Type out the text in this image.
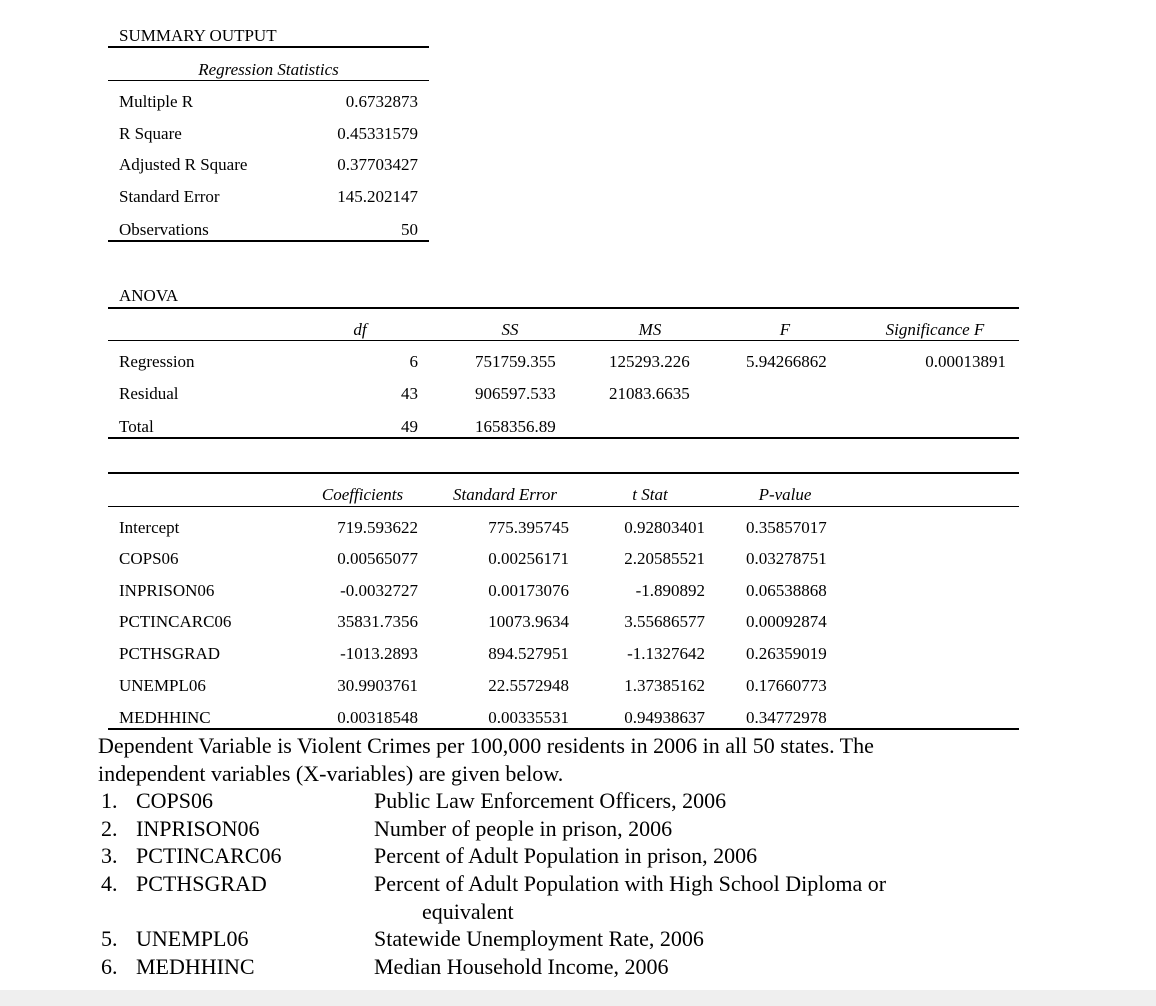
SUMMARY OUTPUT
Regression Statistics
Multiple R	0.6732873
R Square	0.45331579
Adjusted R Square	0.37703427
Standard Error	145.202147
Observations	50
ANOVA
df	SS	MS	F	Significance F
Regression	6	751759.355	125293.226	5.94266862	0.00013891
Residual	43	906597.533	21083.6635
Total	49	1658356.89
Coefficients	Standard Error	t Stat	P-value
Intercept	719.593622	775.395745	0.92803401 0.35857017
COPS06	0.00565077	0.00256171	2.20585521 0.03278751
INPRISON06	-0.0032727	0.00173076	-1.890892 0.06538868
PCTINCARC06	35831.7356	10073.9634	3.55686577 0.00092874
PCTHSGRAD	-1013.2893	894.527951	-1.1327642 0.26359019
UNEMPL06	30.9903761	22.5572948	1.37385162 0.17660773
MEDHHINC	0.00318548	0.00335531	0.94938637 0.34772978
Dependent Variable is Violent Crimes per 100,000 residents in 2006 in all 50 states. The
independent variables (X-variables) are given below.
1. COPS06	Public Law Enforcement Officers, 2006
2. INPRISON06	Number of people in prison, 2006
3. PCTINCARC06	Percent of Adult Population in prison, 2006
4. PCTHSGRAD	Percent of Adult Population with High School Diploma or
equivalent
5. UNEMPL06	Statewide Unemployment Rate, 2006
6. MEDHHINC	Median Household Income, 2006
